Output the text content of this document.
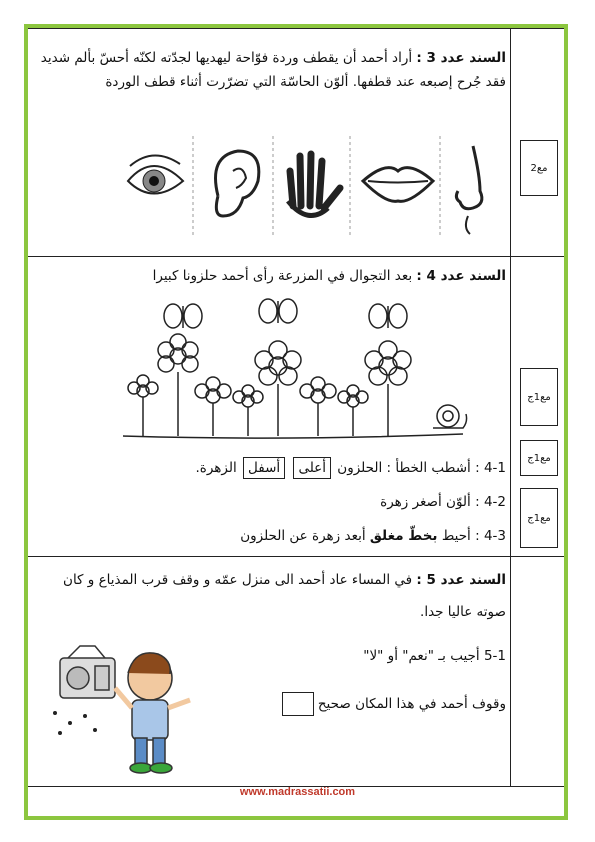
السند عدد 3 : أراد أحمد أن يقطف وردة فوّاحة ليهديها لجدّته لكنّه أحسّ بألم شديد فقد جُرح إصبعه عند قطفها. ألوّن الحاسّة التي تضرّرت أثناء قطف الوردة
مع2
السند عدد 4 : بعد التجوال في المزرعة رأى أحمد حلزونا كبيرا
مع1ج
مع1ج
مع1ج
4-1 : أشطب الخطأ : الحلزون أعلى أسفل الزهرة.
4-2 : ألوّن أصغر زهرة
4-3 : أحيط بخطّ مغلق أبعد زهرة عن الحلزون
السند عدد 5 : في المساء عاد أحمد الى منزل عمّه و وقف قرب المذياع و كان صوته عاليا جدا.
5-1 أجيب بـ "نعم" أو "لا"
وقوف أحمد في هذا المكان صحيح
www.madrassatii.com
